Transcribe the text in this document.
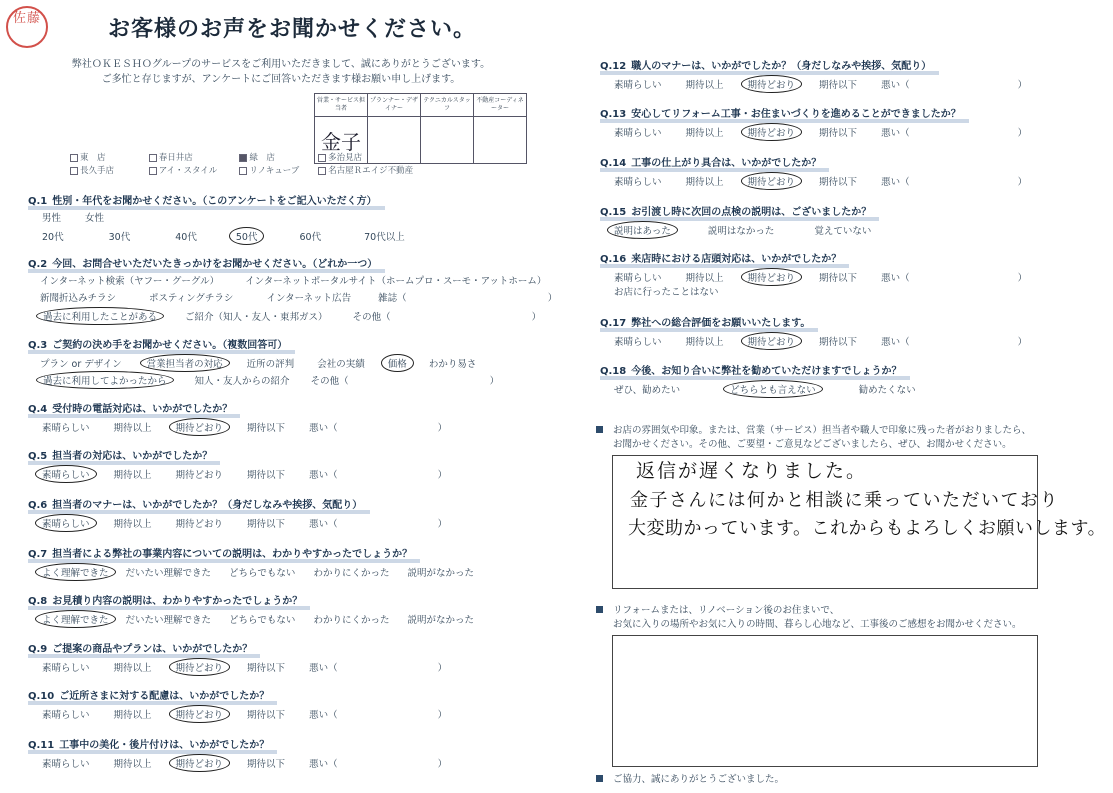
佐藤	お客様のお声をお聞かせください。
弊社ＯＫＥＳＨＯグループのサービスをご利用いただきまして、誠にありがとうございます。
ご多忙と存じますが、アンケートにご回答いただきます様お願い申し上げます。
営業・サービス担当者	プランナー・デザイナー	テクニカルスタッフ	不動産コーディネーター
金子			
東　店	春日井店	緑　店	多治見店
長久手店	アイ・スタイル	リノキューブ	名古屋Ｒエイジ不動産
Q.1 性別・年代をお聞かせください。（このアンケートをご記入いただく方）
男性	女性
20代	30代	40代	50代	60代	70代以上
Q.2 今回、お問合せいただいたきっかけをお聞かせください。（どれか一つ）
インターネット検索（ヤフー・グーグル）	インターネットポータルサイト（ホームプロ・スーモ・アットホーム）
新聞折込みチラシ	ポスティングチラシ	インターネット広告	雑誌（	）
過去に利用したことがある	ご紹介（知人・友人・東邦ガス）	その他（	）
Q.3 ご契約の決め手をお聞かせください。（複数回答可）
プラン or デザイン	営業担当者の対応	近所の評判 会社の実績 価格 わかり易さ
過去に利用してよかったから	知人・友人からの紹介 その他（	）
Q.4 受付時の電話対応は、いかがでしたか？
素晴らしい	期待以上	期待どおり	期待以下	悪い（	）
Q.5 担当者の対応は、いかがでしたか？
素晴らしい	期待以上	期待どおり	期待以下	悪い（	）
Q.6 担当者のマナーは、いかがでしたか？（身だしなみや挨拶、気配り）
素晴らしい	期待以上	期待どおり	期待以下	悪い（	）
Q.7 担当者による弊社の事業内容についての説明は、わかりやすかったでしょうか？
よく理解できた だいたい理解できた どちらでもない わかりにくかった 説明がなかった
Q.8 お見積り内容の説明は、わかりやすかったでしょうか？
よく理解できた だいたい理解できた どちらでもない わかりにくかった 説明がなかった
Q.9 ご提案の商品やプランは、いかがでしたか？
素晴らしい	期待以上	期待どおり	期待以下	悪い（	）
Q.10 ご近所さまに対する配慮は、いかがでしたか？
素晴らしい	期待以上	期待どおり	期待以下	悪い（	）
Q.11 工事中の美化・後片付けは、いかがでしたか？
素晴らしい	期待以上	期待どおり	期待以下	悪い（	）
Q.12 職人のマナーは、いかがでしたか？（身だしなみや挨拶、気配り）
素晴らしい	期待以上	期待どおり	期待以下	悪い（	）
Q.13 安心してリフォーム工事・お住まいづくりを進めることができましたか？
素晴らしい	期待以上	期待どおり	期待以下	悪い（	）
Q.14 工事の仕上がり具合は、いかがでしたか？
素晴らしい	期待以上	期待どおり	期待以下	悪い（	）
Q.15 お引渡し時に次回の点検の説明は、ございましたか？
説明はあった	説明はなかった	覚えていない
Q.16 来店時における店頭対応は、いかがでしたか？
素晴らしい	期待以上	期待どおり	期待以下	悪い（	）
お店に行ったことはない
Q.17 弊社への総合評価をお願いいたします。
素晴らしい	期待以上	期待どおり	期待以下	悪い（	）
Q.18 今後、お知り合いに弊社を勧めていただけますでしょうか？
ぜひ、勧めたい	どちらとも言えない	勧めたくない
お店の雰囲気や印象。または、営業（サービス）担当者や職人で印象に残った者がおりましたら、
お聞かせください。その他、ご要望・ご意見などございましたら、ぜひ、お聞かせください。
返信が遅くなりました。
金子さんには何かと相談に乗っていただいており
大変助かっています。これからもよろしくお願いします。
リフォームまたは、リノベーション後のお住まいで、
お気に入りの場所やお気に入りの時間、暮らし心地など、工事後のご感想をお聞かせください。
ご協力、誠にありがとうございました。
